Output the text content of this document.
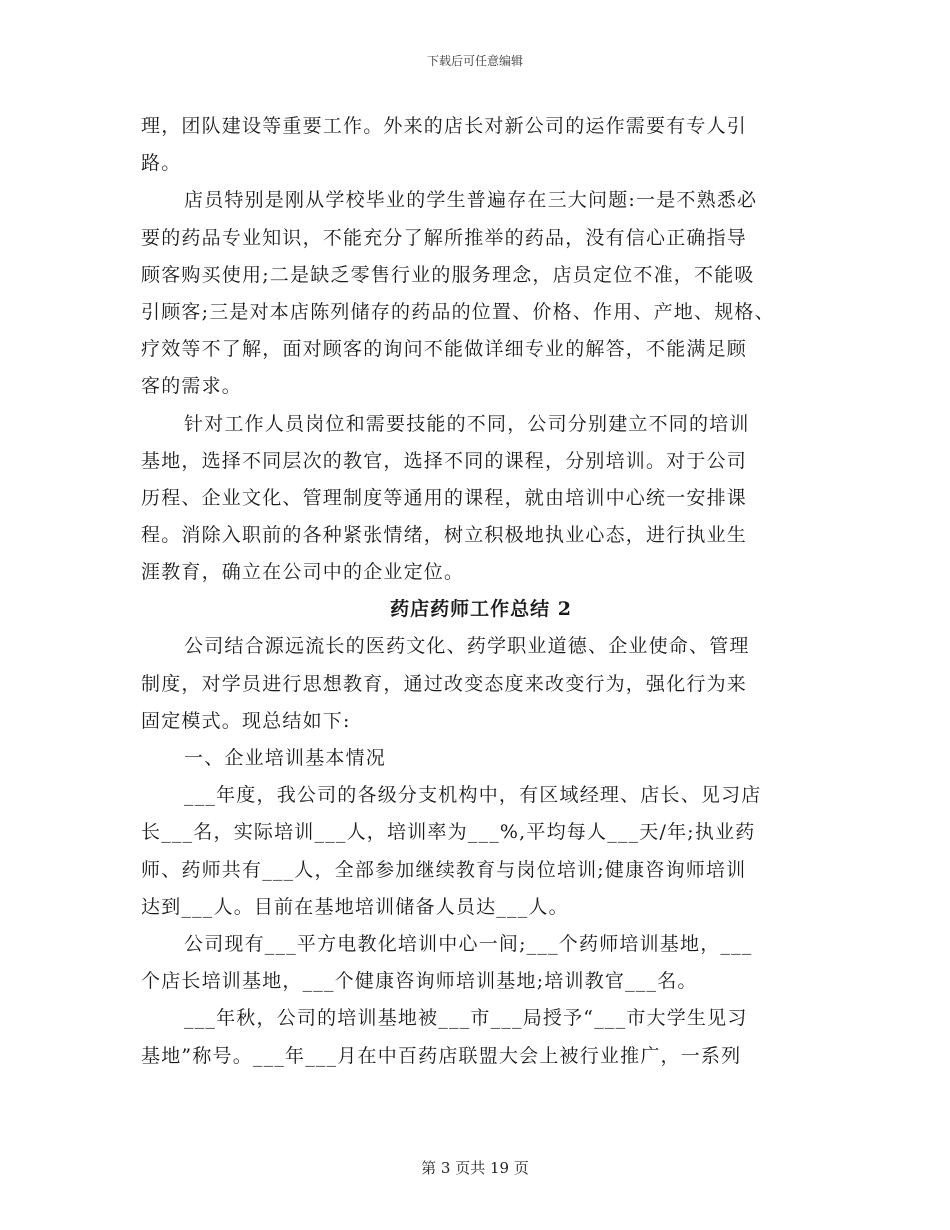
下载后可任意编辑

理，团队建设等重要工作。外来的店长对新公司的运作需要有专人引
路。

店员特别是刚从学校毕业的学生普遍存在三大问题:一是不熟悉必
要的药品专业知识，不能充分了解所推举的药品，没有信心正确指导
顾客购买使用;二是缺乏零售行业的服务理念，店员定位不准，不能吸
引顾客;三是对本店陈列储存的药品的位置、价格、作用、产地、规格、
疗效等不了解，面对顾客的询问不能做详细专业的解答，不能满足顾
客的需求。

针对工作人员岗位和需要技能的不同，公司分别建立不同的培训
基地，选择不同层次的教官，选择不同的课程，分别培训。对于公司
历程、企业文化、管理制度等通用的课程，就由培训中心统一安排课
程。消除入职前的各种紧张情绪，树立积极地执业心态，进行执业生
涯教育，确立在公司中的企业定位。

药店药师工作总结 2

公司结合源远流长的医药文化、药学职业道德、企业使命、管理
制度，对学员进行思想教育，通过改变态度来改变行为，强化行为来
固定模式。现总结如下:

一、企业培训基本情况

___年度，我公司的各级分支机构中，有区域经理、店长、见习店
长___名，实际培训___人，培训率为___%,平均每人___天/年;执业药
师、药师共有___人，全部参加继续教育与岗位培训;健康咨询师培训
达到___人。目前在基地培训储备人员达___人。

公司现有___平方电教化培训中心一间;___个药师培训基地，___
个店长培训基地，___个健康咨询师培训基地;培训教官___名。

___年秋，公司的培训基地被___市___局授予“___市大学生见习
基地”称号。___年___月在中百药店联盟大会上被行业推广，一系列

第 3 页共 19 页
